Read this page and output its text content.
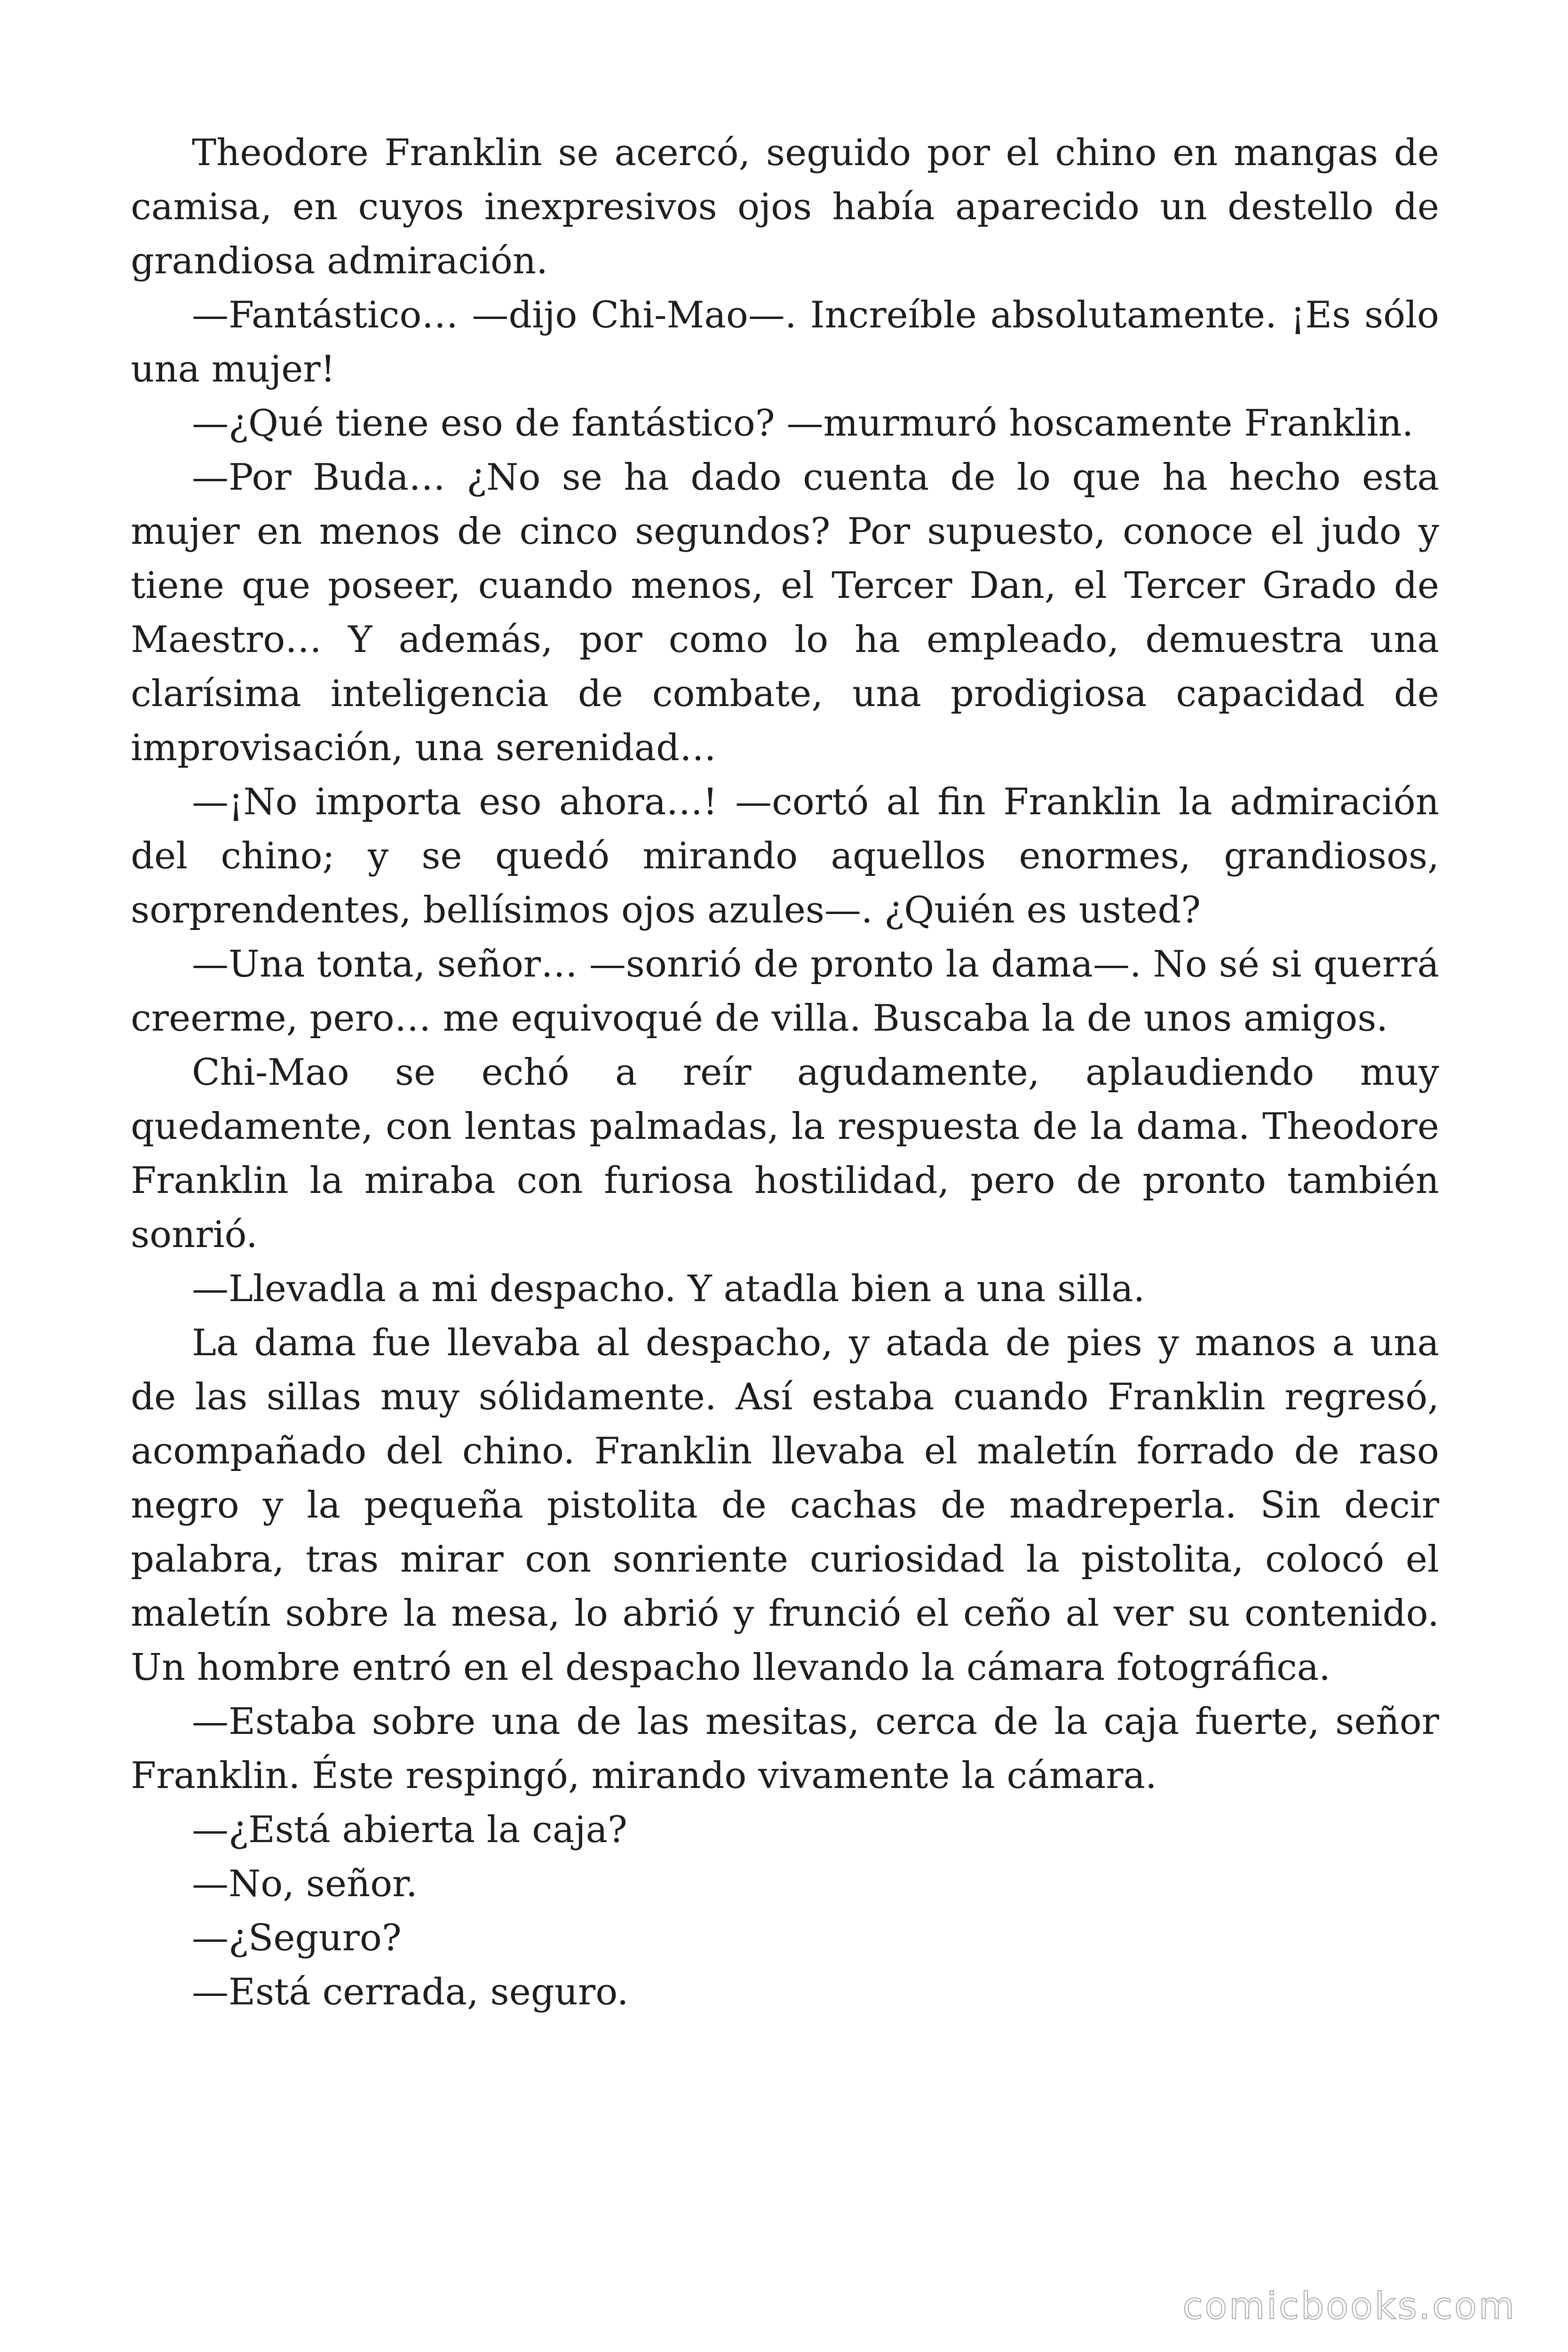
Theodore Franklin se acercó, seguido por el chino en mangas de camisa, en cuyos inexpresivos ojos había aparecido un destello de grandiosa admiración.

—Fantástico… —dijo Chi-Mao—. Increíble absolutamente. ¡Es sólo una mujer!

—¿Qué tiene eso de fantástico? —murmuró hoscamente Franklin.

—Por Buda… ¿No se ha dado cuenta de lo que ha hecho esta mujer en menos de cinco segundos? Por supuesto, conoce el judo y tiene que poseer, cuando menos, el Tercer Dan, el Tercer Grado de Maestro… Y además, por como lo ha empleado, demuestra una clarísima inteligencia de combate, una prodigiosa capacidad de improvisación, una serenidad…

—¡No importa eso ahora…! —cortó al fin Franklin la admiración del chino; y se quedó mirando aquellos enormes, grandiosos, sorprendentes, bellísimos ojos azules—. ¿Quién es usted?

—Una tonta, señor… —sonrió de pronto la dama—. No sé si querrá creerme, pero… me equivoqué de villa. Buscaba la de unos amigos.

Chi-Mao se echó a reír agudamente, aplaudiendo muy quedamente, con lentas palmadas, la respuesta de la dama. Theodore Franklin la miraba con furiosa hostilidad, pero de pronto también sonrió.

—Llevadla a mi despacho. Y atadla bien a una silla.

La dama fue llevaba al despacho, y atada de pies y manos a una de las sillas muy sólidamente. Así estaba cuando Franklin regresó, acompañado del chino. Franklin llevaba el maletín forrado de raso negro y la pequeña pistolita de cachas de madreperla. Sin decir palabra, tras mirar con sonriente curiosidad la pistolita, colocó el maletín sobre la mesa, lo abrió y frunció el ceño al ver su contenido. Un hombre entró en el despacho llevando la cámara fotográfica.

—Estaba sobre una de las mesitas, cerca de la caja fuerte, señor Franklin. Éste respingó, mirando vivamente la cámara.

—¿Está abierta la caja?

—No, señor.

—¿Seguro?

—Está cerrada, seguro.

comicbooks.com
